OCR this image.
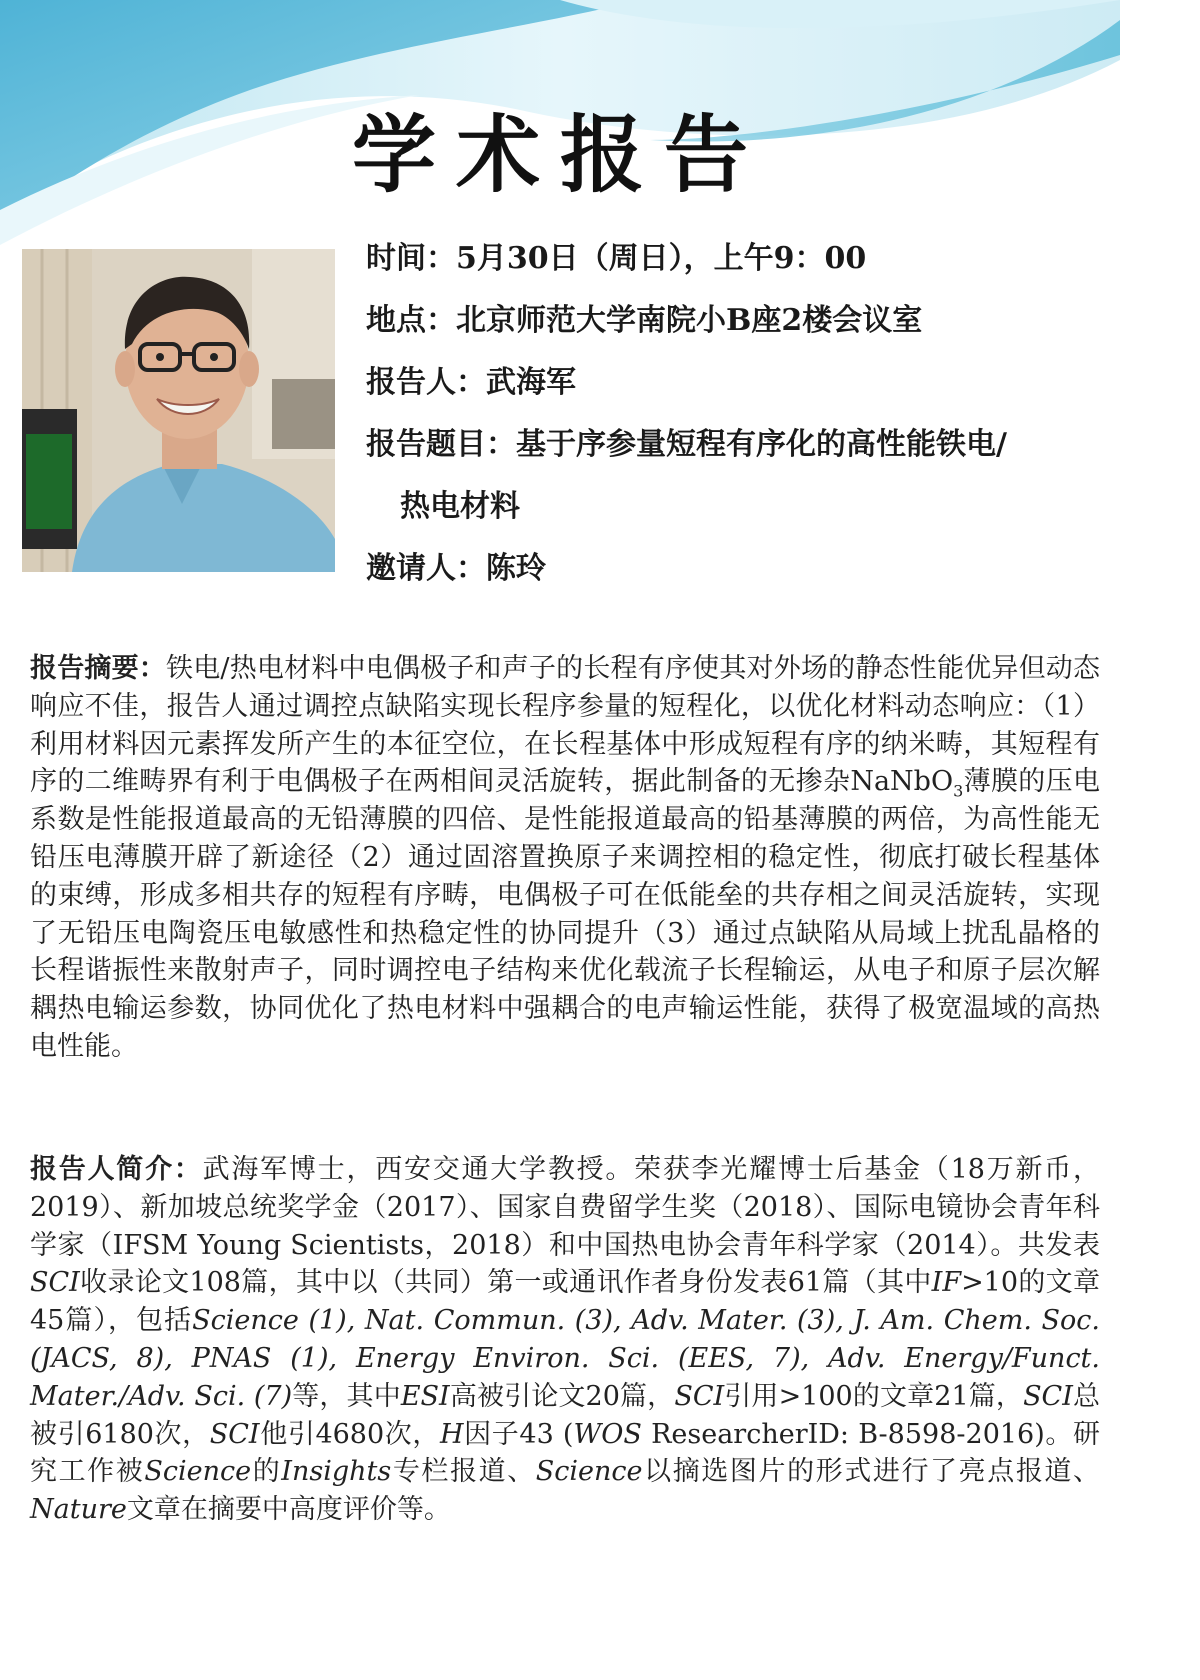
学术报告
时间：5月30日（周日），上午9：00
地点：北京师范大学南院小B座2楼会议室
报告人：武海军
报告题目：基于序参量短程有序化的高性能铁电/
热电材料
邀请人：陈玲
报告摘要：铁电/热电材料中电偶极子和声子的长程有序使其对外场的静态性能优异但动态响应不佳，报告人通过调控点缺陷实现长程序参量的短程化，以优化材料动态响应：（1）利用材料因元素挥发所产生的本征空位，在长程基体中形成短程有序的纳米畴，其短程有序的二维畴界有利于电偶极子在两相间灵活旋转，据此制备的无掺杂NaNbO$_3$薄膜的压电系数是性能报道最高的无铅薄膜的四倍、是性能报道最高的铅基薄膜的两倍，为高性能无铅压电薄膜开辟了新途径（2）通过固溶置换原子来调控相的稳定性，彻底打破长程基体的束缚，形成多相共存的短程有序畴，电偶极子可在低能垒的共存相之间灵活旋转，实现了无铅压电陶瓷压电敏感性和热稳定性的协同提升（3）通过点缺陷从局域上扰乱晶格的长程谐振性来散射声子，同时调控电子结构来优化载流子长程输运，从电子和原子层次解耦热电输运参数，协同优化了热电材料中强耦合的电声输运性能，获得了极宽温域的高热电性能。
报告人简介：武海军博士，西安交通大学教授。荣获李光耀博士后基金（18万新币，2019）、新加坡总统奖学金（2017）、国家自费留学生奖（2018）、国际电镜协会青年科学家（IFSM Young Scientists，2018）和中国热电协会青年科学家（2014）。共发表SCI收录论文108篇，其中以（共同）第一或通讯作者身份发表61篇（其中IF>10的文章45篇），包括Science (1), Nat. Commun. (3), Adv. Mater. (3), J. Am. Chem. Soc. (JACS, 8), PNAS (1), Energy Environ. Sci. (EES, 7), Adv. Energy/Funct. Mater./Adv. Sci. (7)等，其中ESI高被引论文20篇，SCI引用>100的文章21篇，SCI总被引6180次，SCI他引4680次，H因子43 (WOS ResearcherID: B-8598-2016)。研究工作被Science的Insights专栏报道、Science以摘选图片的形式进行了亮点报道、Nature文章在摘要中高度评价等。
